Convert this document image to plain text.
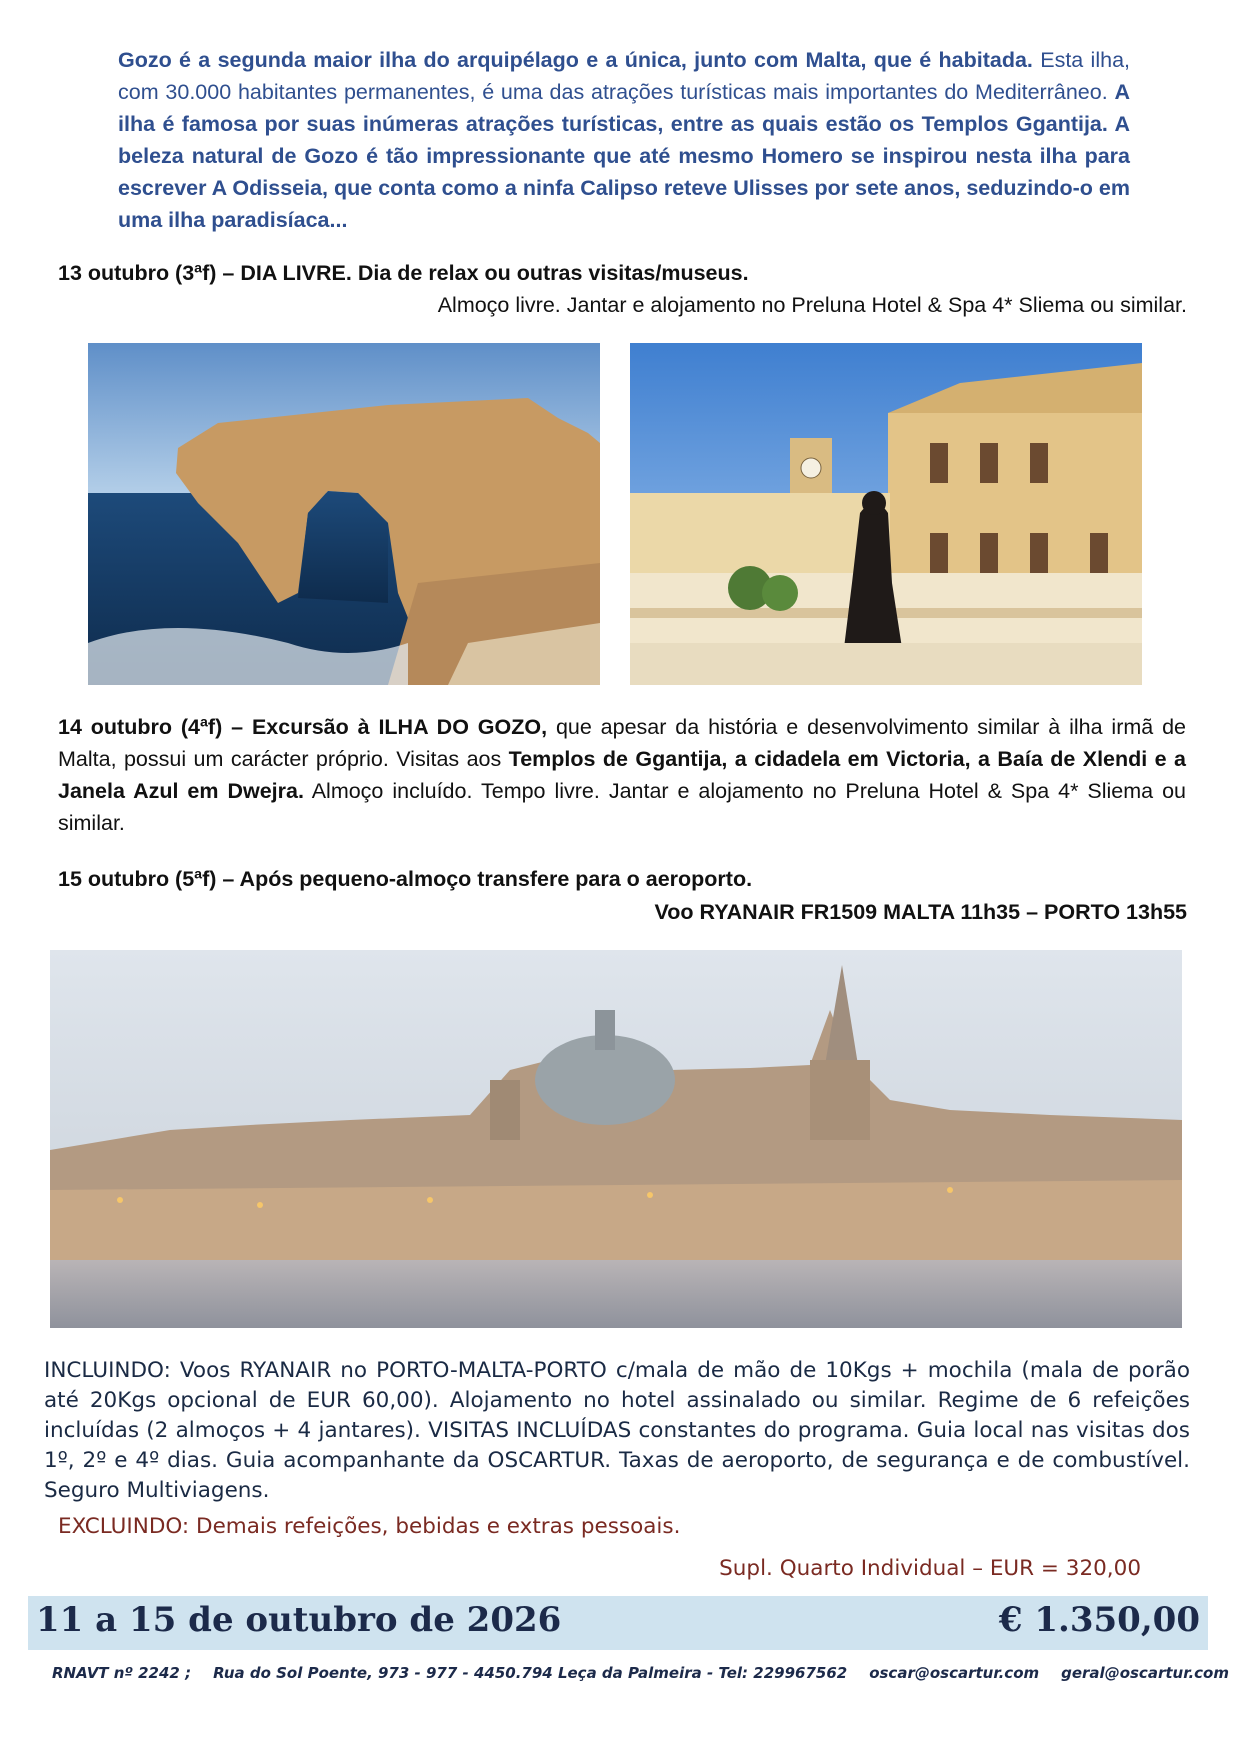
Gozo é a segunda maior ilha do arquipélago e a única, junto com Malta, que é habitada. Esta ilha, com 30.000 habitantes permanentes, é uma das atrações turísticas mais importantes do Mediterrâneo. A ilha é famosa por suas inúmeras atrações turísticas, entre as quais estão os Templos Ggantija. A beleza natural de Gozo é tão impressionante que até mesmo Homero se inspirou nesta ilha para escrever A Odisseia, que conta como a ninfa Calipso reteve Ulisses por sete anos, seduzindo-o em uma ilha paradisíaca...
13 outubro (3ªf) – DIA LIVRE. Dia de relax ou outras visitas/museus.
Almoço livre. Jantar e alojamento no Preluna Hotel & Spa 4* Sliema ou similar.
14 outubro (4ªf) – Excursão à ILHA DO GOZO, que apesar da história e desenvolvimento similar à ilha irmã de Malta, possui um carácter próprio. Visitas aos Templos de Ggantija, a cidadela em Victoria, a Baía de Xlendi e a Janela Azul em Dwejra. Almoço incluído. Tempo livre. Jantar e alojamento no Preluna Hotel & Spa 4* Sliema ou similar.
15 outubro (5ªf) – Após pequeno-almoço transfere para o aeroporto.
Voo RYANAIR FR1509 MALTA 11h35 – PORTO 13h55
INCLUINDO: Voos RYANAIR no PORTO-MALTA-PORTO c/mala de mão de 10Kgs + mochila (mala de porão até 20Kgs opcional de EUR 60,00). Alojamento no hotel assinalado ou similar. Regime de 6 refeições incluídas (2 almoços + 4 jantares). VISITAS INCLUÍDAS constantes do programa. Guia local nas visitas dos 1º, 2º e 4º dias. Guia acompanhante da OSCARTUR. Taxas de aeroporto, de segurança e de combustível. Seguro Multiviagens.
EXCLUINDO: Demais refeições, bebidas e extras pessoais.
Supl. Quarto Individual – EUR = 320,00
11 a 15 de outubro de 2026	€ 1.350,00
RNAVT nº 2242 ; Rua do Sol Poente, 973 - 977 - 4450.794 Leça da Palmeira - Tel: 229967562 oscar@oscartur.com geral@oscartur.com
